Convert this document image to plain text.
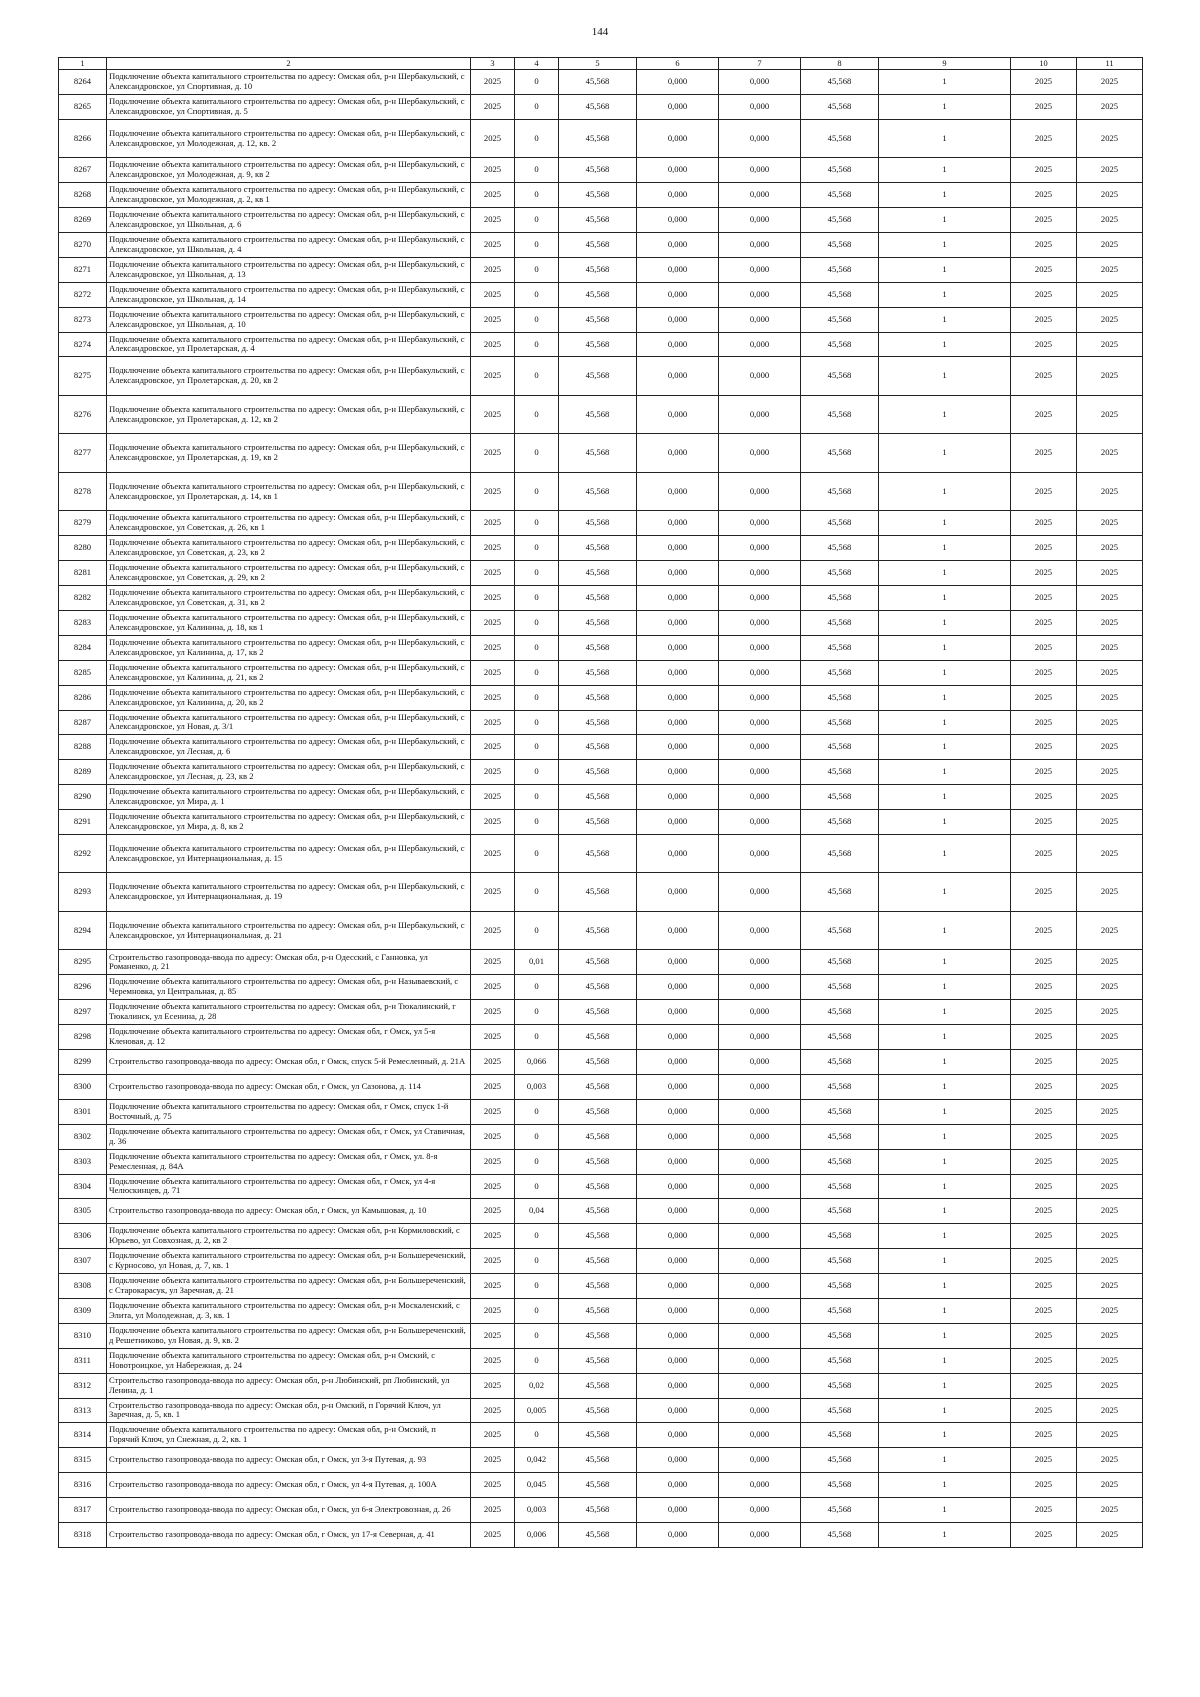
144
1	2	3	4	5	6	7	8	9	10	11
8264	Подключение объекта капитального строительства по адресу: Омская обл, р-н Шербакульский, с Александровское, ул Спортивная, д. 10	2025	0	45,568	0,000	0,000	45,568	1	2025	2025
8265	Подключение объекта капитального строительства по адресу: Омская обл, р-н Шербакульский, с Александровское, ул Спортивная, д. 5	2025	0	45,568	0,000	0,000	45,568	1	2025	2025
8266	Подключение объекта капитального строительства по адресу: Омская обл, р-н Шербакульский, с Александровское, ул Молодежная, д. 12, кв. 2	2025	0	45,568	0,000	0,000	45,568	1	2025	2025
8267	Подключение объекта капитального строительства по адресу: Омская обл, р-н Шербакульский, с Александровское, ул Молодежная, д. 9, кв 2	2025	0	45,568	0,000	0,000	45,568	1	2025	2025
8268	Подключение объекта капитального строительства по адресу: Омская обл, р-н Шербакульский, с Александровское, ул Молодежная, д. 2, кв 1	2025	0	45,568	0,000	0,000	45,568	1	2025	2025
8269	Подключение объекта капитального строительства по адресу: Омская обл, р-н Шербакульский, с Александровское, ул Школьная, д. 6	2025	0	45,568	0,000	0,000	45,568	1	2025	2025
8270	Подключение объекта капитального строительства по адресу: Омская обл, р-н Шербакульский, с Александровское, ул Школьная, д. 4	2025	0	45,568	0,000	0,000	45,568	1	2025	2025
8271	Подключение объекта капитального строительства по адресу: Омская обл, р-н Шербакульский, с Александровское, ул Школьная, д. 13	2025	0	45,568	0,000	0,000	45,568	1	2025	2025
8272	Подключение объекта капитального строительства по адресу: Омская обл, р-н Шербакульский, с Александровское, ул Школьная, д. 14	2025	0	45,568	0,000	0,000	45,568	1	2025	2025
8273	Подключение объекта капитального строительства по адресу: Омская обл, р-н Шербакульский, с Александровское, ул Школьная, д. 10	2025	0	45,568	0,000	0,000	45,568	1	2025	2025
8274	Подключение объекта капитального строительства по адресу: Омская обл, р-н Шербакульский, с Александровское, ул Пролетарская, д. 4	2025	0	45,568	0,000	0,000	45,568	1	2025	2025
8275	Подключение объекта капитального строительства по адресу: Омская обл, р-н Шербакульский, с Александровское, ул Пролетарская, д. 20, кв 2	2025	0	45,568	0,000	0,000	45,568	1	2025	2025
8276	Подключение объекта капитального строительства по адресу: Омская обл, р-н Шербакульский, с Александровское, ул Пролетарская, д. 12, кв 2	2025	0	45,568	0,000	0,000	45,568	1	2025	2025
8277	Подключение объекта капитального строительства по адресу: Омская обл, р-н Шербакульский, с Александровское, ул Пролетарская, д. 19, кв 2	2025	0	45,568	0,000	0,000	45,568	1	2025	2025
8278	Подключение объекта капитального строительства по адресу: Омская обл, р-н Шербакульский, с Александровское, ул Пролетарская, д. 14, кв 1	2025	0	45,568	0,000	0,000	45,568	1	2025	2025
8279	Подключение объекта капитального строительства по адресу: Омская обл, р-н Шербакульский, с Александровское, ул Советская, д. 26, кв 1	2025	0	45,568	0,000	0,000	45,568	1	2025	2025
8280	Подключение объекта капитального строительства по адресу: Омская обл, р-н Шербакульский, с Александровское, ул Советская, д. 23, кв 2	2025	0	45,568	0,000	0,000	45,568	1	2025	2025
8281	Подключение объекта капитального строительства по адресу: Омская обл, р-н Шербакульский, с Александровское, ул Советская, д. 29, кв 2	2025	0	45,568	0,000	0,000	45,568	1	2025	2025
8282	Подключение объекта капитального строительства по адресу: Омская обл, р-н Шербакульский, с Александровское, ул Советская, д. 31, кв 2	2025	0	45,568	0,000	0,000	45,568	1	2025	2025
8283	Подключение объекта капитального строительства по адресу: Омская обл, р-н Шербакульский, с Александровское, ул Калинина, д. 18, кв 1	2025	0	45,568	0,000	0,000	45,568	1	2025	2025
8284	Подключение объекта капитального строительства по адресу: Омская обл, р-н Шербакульский, с Александровское, ул Калинина, д. 17, кв 2	2025	0	45,568	0,000	0,000	45,568	1	2025	2025
8285	Подключение объекта капитального строительства по адресу: Омская обл, р-н Шербакульский, с Александровское, ул Калинина, д. 21, кв 2	2025	0	45,568	0,000	0,000	45,568	1	2025	2025
8286	Подключение объекта капитального строительства по адресу: Омская обл, р-н Шербакульский, с Александровское, ул Калинина, д. 20, кв 2	2025	0	45,568	0,000	0,000	45,568	1	2025	2025
8287	Подключение объекта капитального строительства по адресу: Омская обл, р-н Шербакульский, с Александровское, ул Новая, д. 3/1	2025	0	45,568	0,000	0,000	45,568	1	2025	2025
8288	Подключение объекта капитального строительства по адресу: Омская обл, р-н Шербакульский, с Александровское, ул Лесная, д. 6	2025	0	45,568	0,000	0,000	45,568	1	2025	2025
8289	Подключение объекта капитального строительства по адресу: Омская обл, р-н Шербакульский, с Александровское, ул Лесная, д. 23, кв 2	2025	0	45,568	0,000	0,000	45,568	1	2025	2025
8290	Подключение объекта капитального строительства по адресу: Омская обл, р-н Шербакульский, с Александровское, ул Мира, д. 1	2025	0	45,568	0,000	0,000	45,568	1	2025	2025
8291	Подключение объекта капитального строительства по адресу: Омская обл, р-н Шербакульский, с Александровское, ул Мира, д. 8, кв 2	2025	0	45,568	0,000	0,000	45,568	1	2025	2025
8292	Подключение объекта капитального строительства по адресу: Омская обл, р-н Шербакульский, с Александровское, ул Интернациональная, д. 15	2025	0	45,568	0,000	0,000	45,568	1	2025	2025
8293	Подключение объекта капитального строительства по адресу: Омская обл, р-н Шербакульский, с Александровское, ул Интернациональная, д. 19	2025	0	45,568	0,000	0,000	45,568	1	2025	2025
8294	Подключение объекта капитального строительства по адресу: Омская обл, р-н Шербакульский, с Александровское, ул Интернациональная, д. 21	2025	0	45,568	0,000	0,000	45,568	1	2025	2025
8295	Строительство газопровода-ввода по адресу: Омская обл, р-н Одесский, с Ганновка, ул Романенко, д. 21	2025	0,01	45,568	0,000	0,000	45,568	1	2025	2025
8296	Подключение объекта капитального строительства по адресу: Омская обл, р-н Называевский, с Черемновка, ул Центральная, д. 85	2025	0	45,568	0,000	0,000	45,568	1	2025	2025
8297	Подключение объекта капитального строительства по адресу: Омская обл, р-н Тюкалинский, г Тюкалинск, ул Есенина, д. 28	2025	0	45,568	0,000	0,000	45,568	1	2025	2025
8298	Подключение объекта капитального строительства по адресу: Омская обл, г Омск, ул 5-я Кленовая, д. 12	2025	0	45,568	0,000	0,000	45,568	1	2025	2025
8299	Строительство газопровода-ввода по адресу: Омская обл, г Омск, спуск 5-й Ремесленный, д. 21А	2025	0,066	45,568	0,000	0,000	45,568	1	2025	2025
8300	Строительство газопровода-ввода по адресу: Омская обл, г Омск, ул Сазонова, д. 114	2025	0,003	45,568	0,000	0,000	45,568	1	2025	2025
8301	Подключение объекта капитального строительства по адресу: Омская обл, г Омск, спуск 1-й Восточный, д. 75	2025	0	45,568	0,000	0,000	45,568	1	2025	2025
8302	Подключение объекта капитального строительства по адресу: Омская обл, г Омск, ул Ставичная, д. 36	2025	0	45,568	0,000	0,000	45,568	1	2025	2025
8303	Подключение объекта капитального строительства по адресу: Омская обл, г Омск, ул. 8-я Ремесленная, д. 84А	2025	0	45,568	0,000	0,000	45,568	1	2025	2025
8304	Подключение объекта капитального строительства по адресу: Омская обл, г Омск, ул 4-я Челюскинцев, д. 71	2025	0	45,568	0,000	0,000	45,568	1	2025	2025
8305	Строительство газопровода-ввода по адресу: Омская обл, г Омск, ул Камышовая, д. 10	2025	0,04	45,568	0,000	0,000	45,568	1	2025	2025
8306	Подключение объекта капитального строительства по адресу: Омская обл, р-н Кормиловский, с Юрьево, ул Совхозная, д. 2, кв 2	2025	0	45,568	0,000	0,000	45,568	1	2025	2025
8307	Подключение объекта капитального строительства по адресу: Омская обл, р-н Большереченский, с Курносово, ул Новая, д. 7, кв. 1	2025	0	45,568	0,000	0,000	45,568	1	2025	2025
8308	Подключение объекта капитального строительства по адресу: Омская обл, р-н Большереченский, с Старокарасук, ул Заречная, д. 21	2025	0	45,568	0,000	0,000	45,568	1	2025	2025
8309	Подключение объекта капитального строительства по адресу: Омская обл, р-н Москаленский, с Элита, ул Молодежная, д. 3, кв. 1	2025	0	45,568	0,000	0,000	45,568	1	2025	2025
8310	Подключение объекта капитального строительства по адресу: Омская обл, р-н Большереченский, д Решетниково, ул Новая, д. 9, кв. 2	2025	0	45,568	0,000	0,000	45,568	1	2025	2025
8311	Подключение объекта капитального строительства по адресу: Омская обл, р-н Омский, с Новотроицкое, ул Набережная, д. 24	2025	0	45,568	0,000	0,000	45,568	1	2025	2025
8312	Строительство газопровода-ввода по адресу: Омская обл, р-н Любинский, рп Любинский, ул Ленина, д. 1	2025	0,02	45,568	0,000	0,000	45,568	1	2025	2025
8313	Строительство газопровода-ввода по адресу: Омская обл, р-н Омский, п Горячий Ключ, ул Заречная, д. 5, кв. 1	2025	0,005	45,568	0,000	0,000	45,568	1	2025	2025
8314	Подключение объекта капитального строительства по адресу: Омская обл, р-н Омский, п Горячий Ключ, ул Снежная, д. 2, кв. 1	2025	0	45,568	0,000	0,000	45,568	1	2025	2025
8315	Строительство газопровода-ввода по адресу: Омская обл, г Омск, ул 3-я Путевая, д. 93	2025	0,042	45,568	0,000	0,000	45,568	1	2025	2025
8316	Строительство газопровода-ввода по адресу: Омская обл, г Омск, ул 4-я Путевая, д. 100А	2025	0,045	45,568	0,000	0,000	45,568	1	2025	2025
8317	Строительство газопровода-ввода по адресу: Омская обл, г Омск, ул 6-я Электровозная, д. 26	2025	0,003	45,568	0,000	0,000	45,568	1	2025	2025
8318	Строительство газопровода-ввода по адресу: Омская обл, г Омск, ул 17-я Северная, д. 41	2025	0,006	45,568	0,000	0,000	45,568	1	2025	2025
